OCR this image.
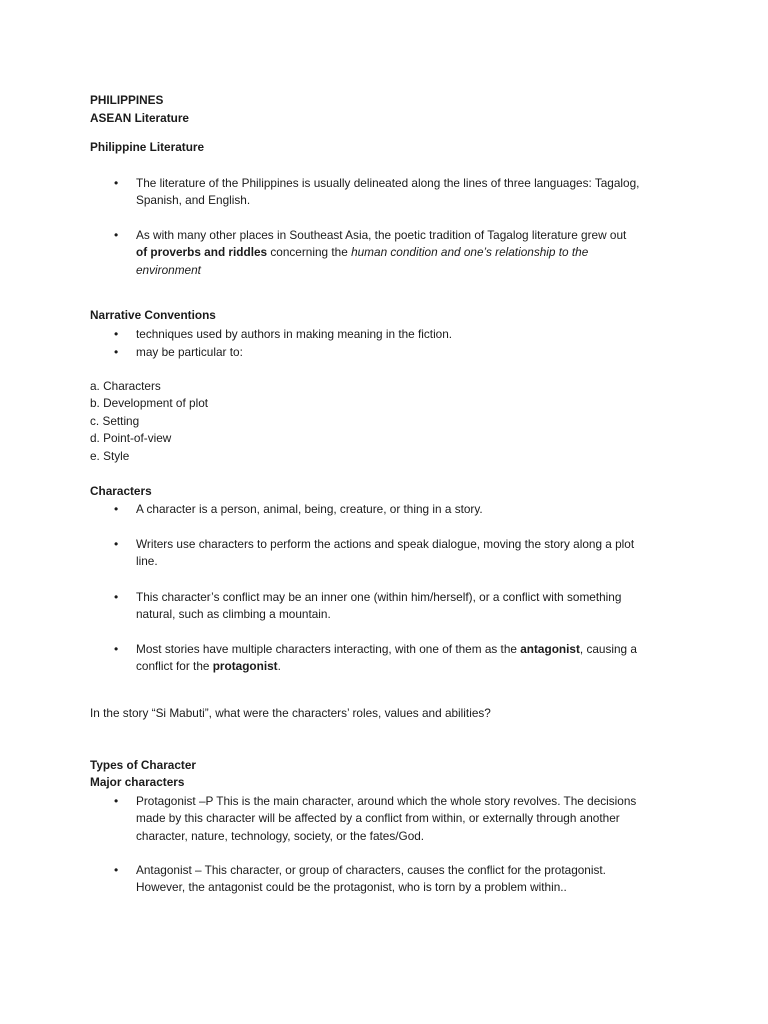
PHILIPPINES
ASEAN Literature
Philippine Literature
•
The literature of the Philippines is usually delineated along the lines of three languages: Tagalog,
Spanish, and English.
•
As with many other places in Southeast Asia, the poetic tradition of Tagalog literature grew out
of proverbs and riddles concerning the human condition and one’s relationship to the
environment
Narrative Conventions
•
techniques used by authors in making meaning in the fiction.
•
may be particular to:
a. Characters
b. Development of plot
c. Setting
d. Point-of-view
e. Style
Characters
•
A character is a person, animal, being, creature, or thing in a story.
•
Writers use characters to perform the actions and speak dialogue, moving the story along a plot
line.
•
This character’s conflict may be an inner one (within him/herself), or a conflict with something
natural, such as climbing a mountain.
•
Most stories have multiple characters interacting, with one of them as the antagonist, causing a
conflict for the protagonist.
In the story “Si Mabuti”, what were the characters’ roles, values and abilities?
Types of Character
Major characters
•
Protagonist –P This is the main character, around which the whole story revolves. The decisions
made by this character will be affected by a conflict from within, or externally through another
character, nature, technology, society, or the fates/God.
•
Antagonist – This character, or group of characters, causes the conflict for the protagonist.
However, the antagonist could be the protagonist, who is torn by a problem within..
